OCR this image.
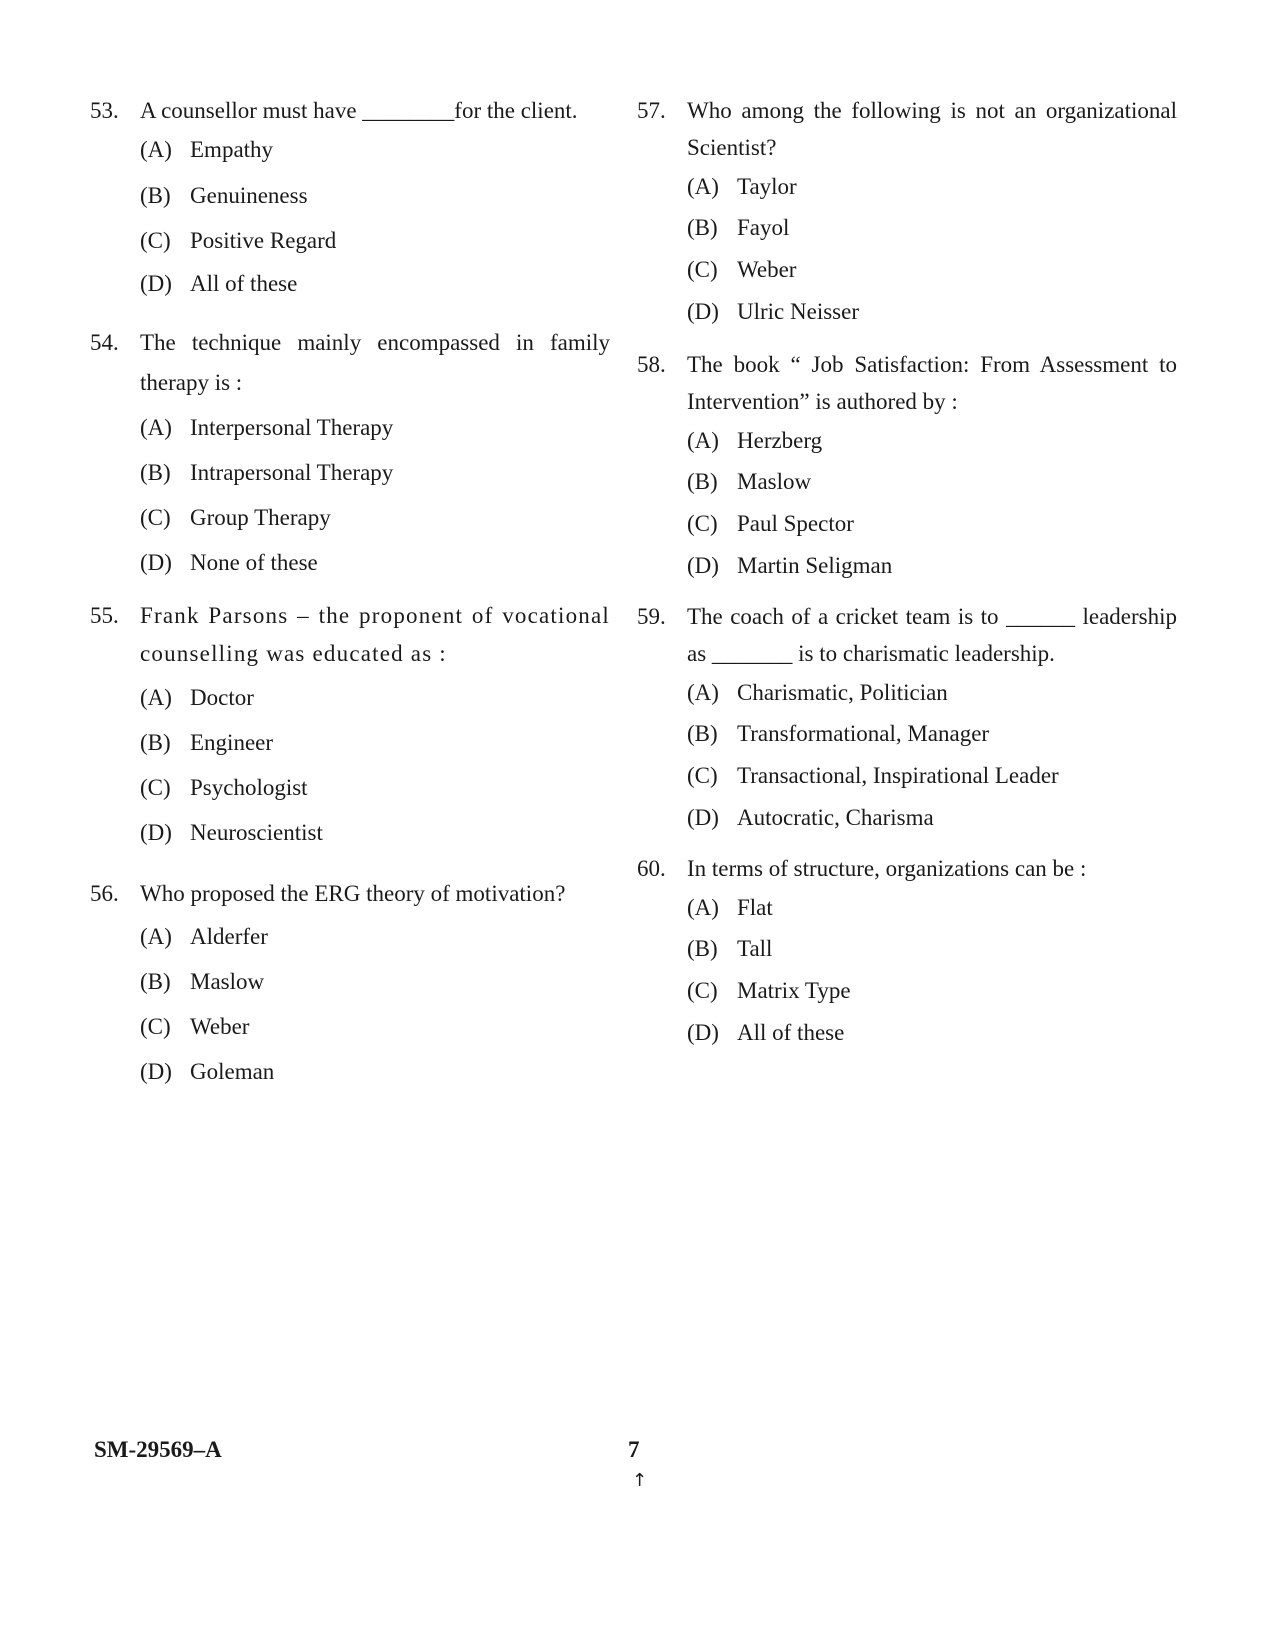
53. A counsellor must have ________for the client.
(A) Empathy
(B) Genuineness
(C) Positive Regard
(D) All of these
54. The technique mainly encompassed in family therapy is :
(A) Interpersonal Therapy
(B) Intrapersonal Therapy
(C) Group Therapy
(D) None of these
55. Frank Parsons – the proponent of vocational counselling was educated as :
(A) Doctor
(B) Engineer
(C) Psychologist
(D) Neuroscientist
56. Who proposed the ERG theory of motivation?
(A) Alderfer
(B) Maslow
(C) Weber
(D) Goleman
57. Who among the following is not an organizational Scientist?
(A) Taylor
(B) Fayol
(C) Weber
(D) Ulric Neisser
58. The book “ Job Satisfaction: From Assessment to Intervention” is authored by :
(A) Herzberg
(B) Maslow
(C) Paul Spector
(D) Martin Seligman
59. The coach of a cricket team is to ______ leadership as _______ is to charismatic leadership.
(A) Charismatic, Politician
(B) Transformational, Manager
(C) Transactional, Inspirational Leader
(D) Autocratic, Charisma
60. In terms of structure, organizations can be :
(A) Flat
(B) Tall
(C) Matrix Type
(D) All of these
SM-29569–A	7
↑
